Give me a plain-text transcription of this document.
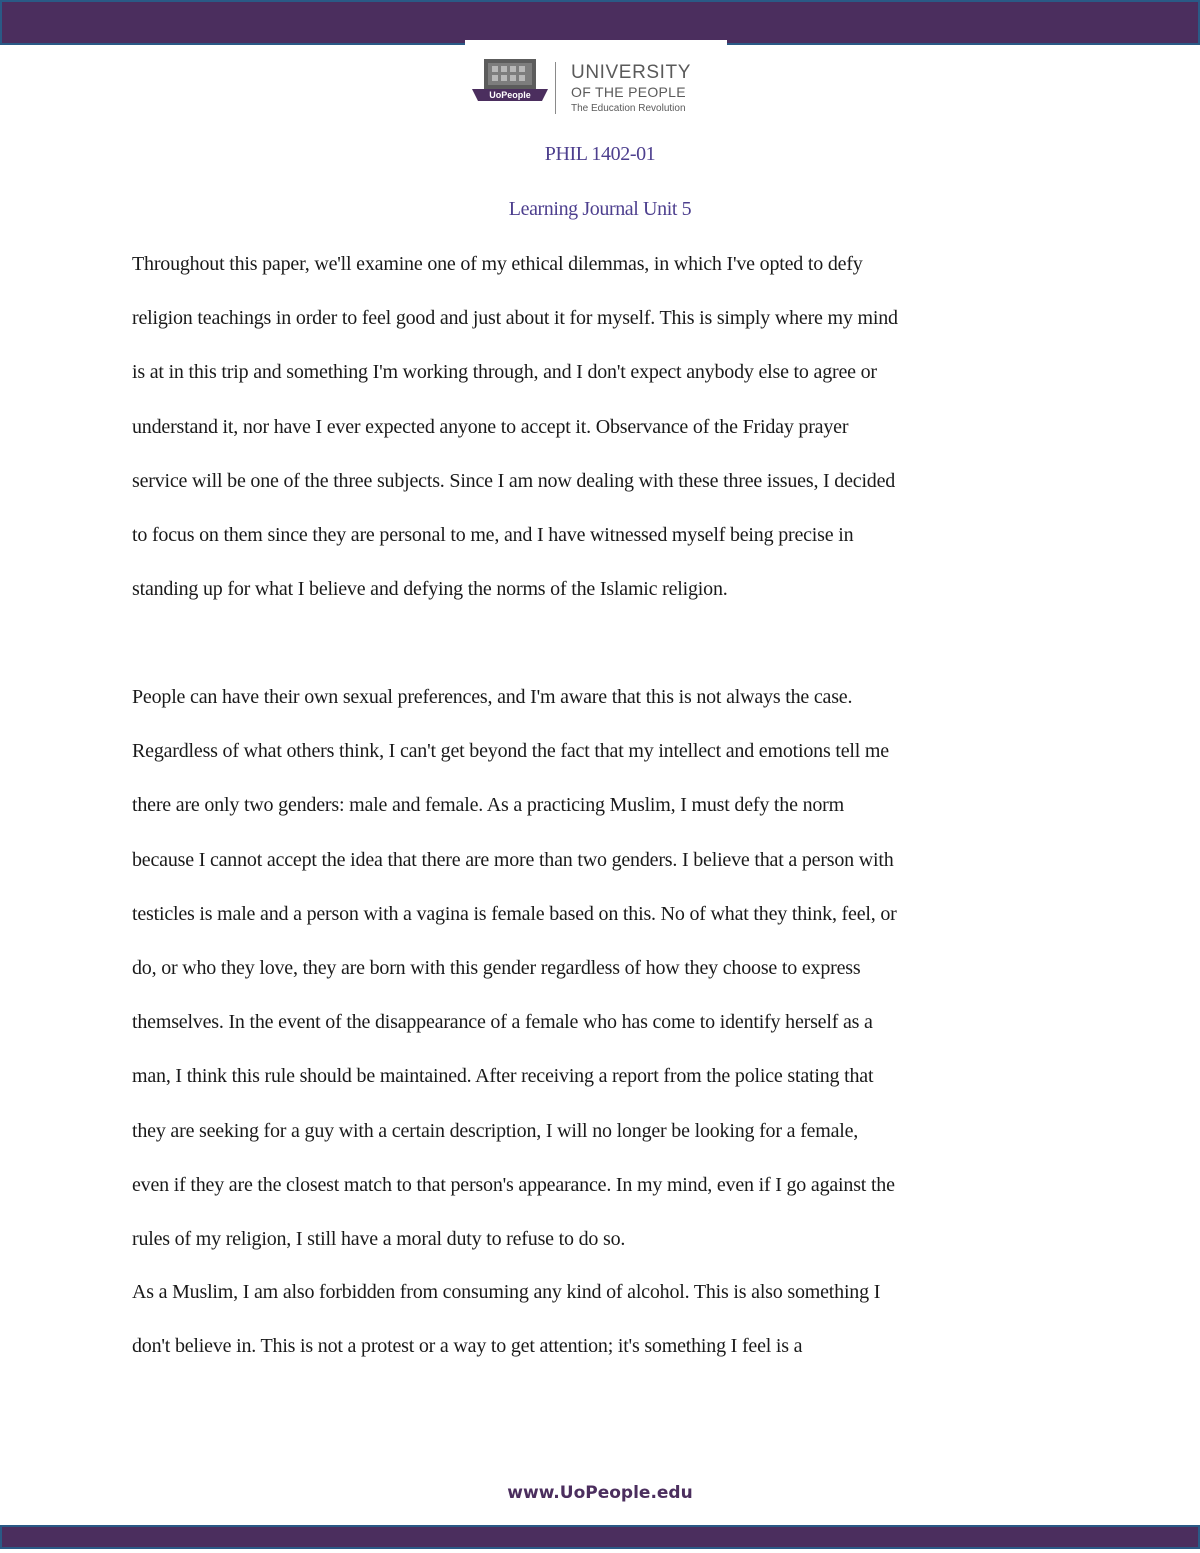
UoPeople
UNIVERSITY
OF THE PEOPLE
The Education Revolution
PHIL 1402-01
Learning Journal Unit 5

Throughout this paper, we'll examine one of my ethical dilemmas, in which I've opted to defy
religion teachings in order to feel good and just about it for myself. This is simply where my mind
is at in this trip and something I'm working through, and I don't expect anybody else to agree or
understand it, nor have I ever expected anyone to accept it. Observance of the Friday prayer
service will be one of the three subjects. Since I am now dealing with these three issues, I decided
to focus on them since they are personal to me, and I have witnessed myself being precise in
standing up for what I believe and defying the norms of the Islamic religion.

People can have their own sexual preferences, and I'm aware that this is not always the case.
Regardless of what others think, I can't get beyond the fact that my intellect and emotions tell me
there are only two genders: male and female. As a practicing Muslim, I must defy the norm
because I cannot accept the idea that there are more than two genders. I believe that a person with
testicles is male and a person with a vagina is female based on this. No of what they think, feel, or
do, or who they love, they are born with this gender regardless of how they choose to express
themselves. In the event of the disappearance of a female who has come to identify herself as a
man, I think this rule should be maintained. After receiving a report from the police stating that
they are seeking for a guy with a certain description, I will no longer be looking for a female,
even if they are the closest match to that person's appearance. In my mind, even if I go against the
rules of my religion, I still have a moral duty to refuse to do so.

As a Muslim, I am also forbidden from consuming any kind of alcohol. This is also something I
don't believe in. This is not a protest or a way to get attention; it's something I feel is a

www.UoPeople.edu
